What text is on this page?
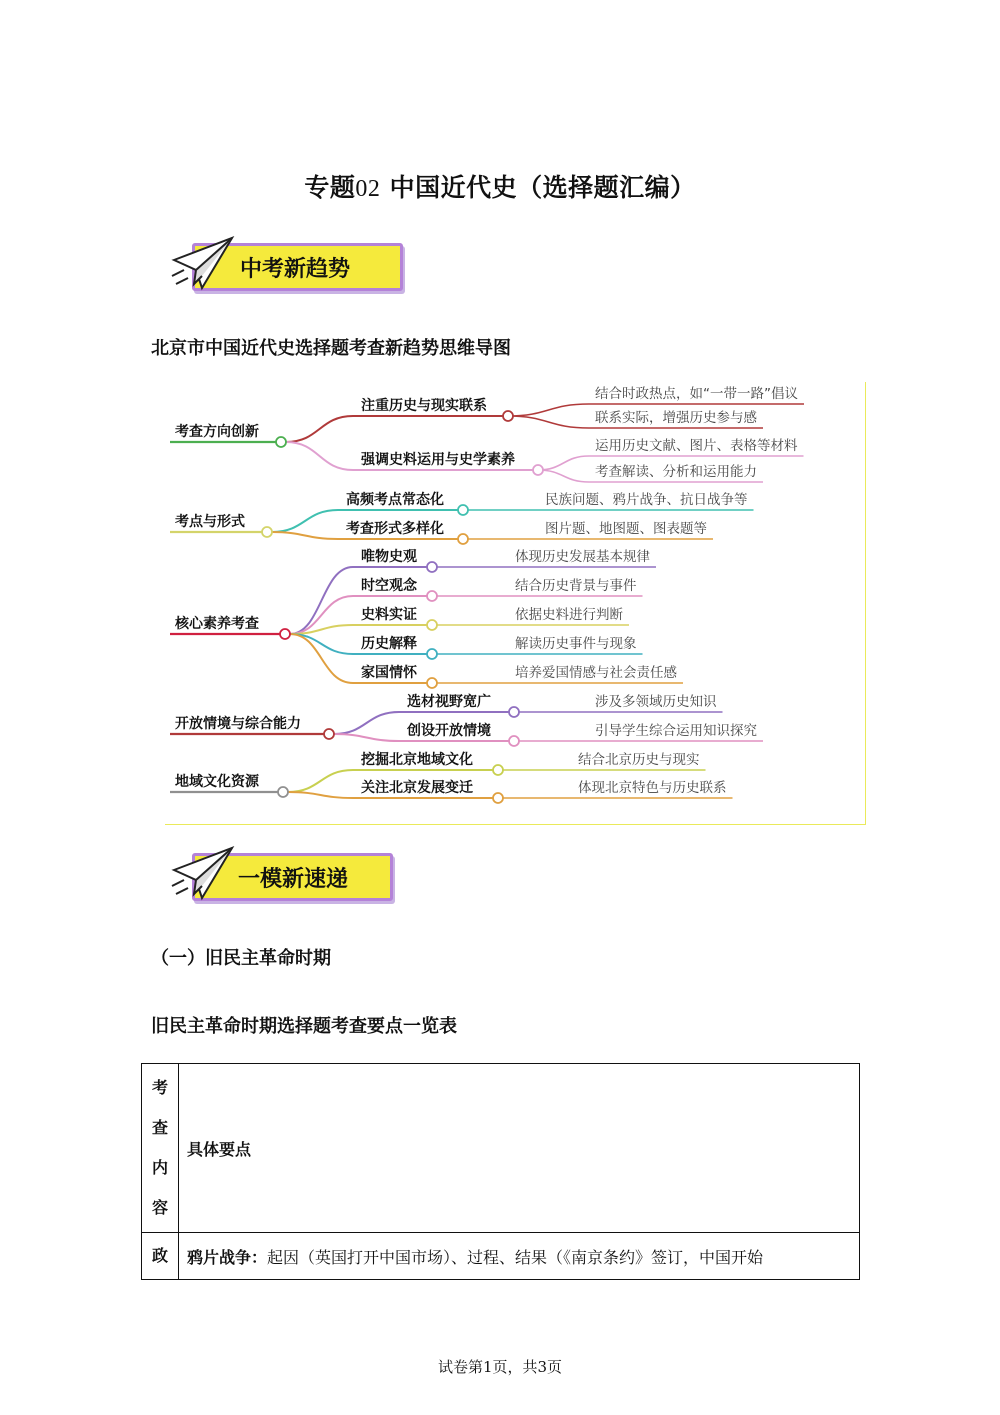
专题02 中国近代史（选择题汇编）
中考新趋势
北京市中国近代史选择题考查新趋势思维导图
考查方向创新
注重历史与现实联系
结合时政热点，如“一带一路”倡议
联系实际，增强历史参与感
强调史料运用与史学素养
运用历史文献、图片、表格等材料
考查解读、分析和运用能力
考点与形式
高频考点常态化	民族问题、鸦片战争、抗日战争等
考查形式多样化	图片题、地图题、图表题等
核心素养考查
唯物史观	体现历史发展基本规律
时空观念	结合历史背景与事件
史料实证	依据史料进行判断
历史解释	解读历史事件与现象
家国情怀	培养爱国情感与社会责任感
开放情境与综合能力
选材视野宽广	涉及多领域历史知识
创设开放情境	引导学生综合运用知识探究
地域文化资源
挖掘北京地域文化	结合北京历史与现实
关注北京发展变迁	体现北京特色与历史联系
一模新速递
（一）旧民主革命时期
旧民主革命时期选择题考查要点一览表
考
查
内
容	具体要点
政	鸦片战争：起因（英国打开中国市场）、过程、结果（《南京条约》签订，中国开始
试卷第1页，共3页
